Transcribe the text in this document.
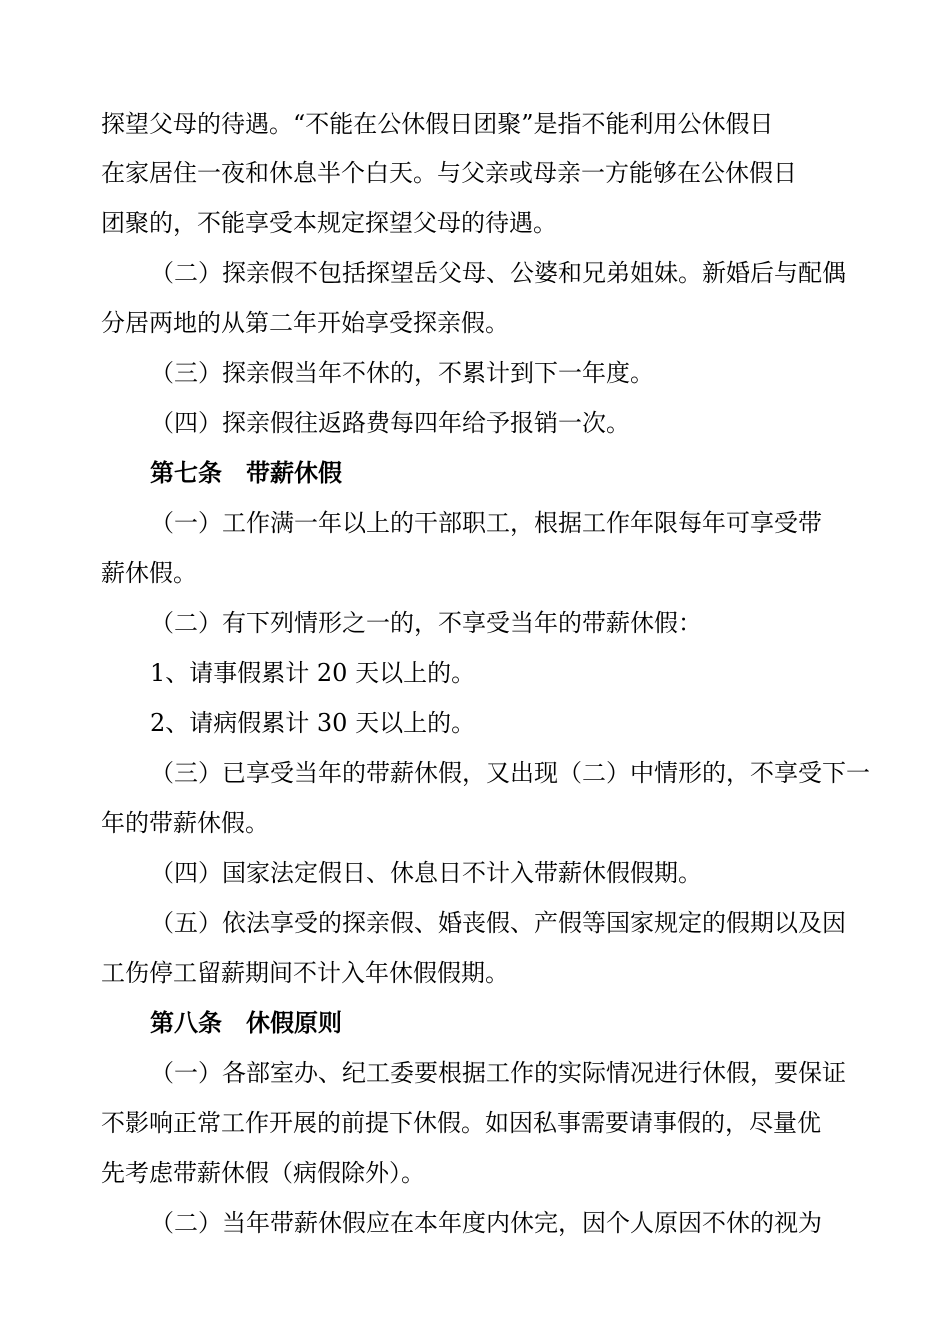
探望父母的待遇。“不能在公休假日团聚”是指不能利用公休假日
在家居住一夜和休息半个白天。与父亲或母亲一方能够在公休假日
团聚的，不能享受本规定探望父母的待遇。
（二）探亲假不包括探望岳父母、公婆和兄弟姐妹。新婚后与配偶
分居两地的从第二年开始享受探亲假。
（三）探亲假当年不休的，不累计到下一年度。
（四）探亲假往返路费每四年给予报销一次。
第七条　带薪休假
（一）工作满一年以上的干部职工，根据工作年限每年可享受带
薪休假。
（二）有下列情形之一的，不享受当年的带薪休假：
1、请事假累计 20 天以上的。
2、请病假累计 30 天以上的。
（三）已享受当年的带薪休假，又出现（二）中情形的，不享受下一
年的带薪休假。
（四）国家法定假日、休息日不计入带薪休假假期。
（五）依法享受的探亲假、婚丧假、产假等国家规定的假期以及因
工伤停工留薪期间不计入年休假假期。
第八条　休假原则
（一）各部室办、纪工委要根据工作的实际情况进行休假，要保证
不影响正常工作开展的前提下休假。如因私事需要请事假的，尽量优
先考虑带薪休假（病假除外）。
（二）当年带薪休假应在本年度内休完，因个人原因不休的视为
